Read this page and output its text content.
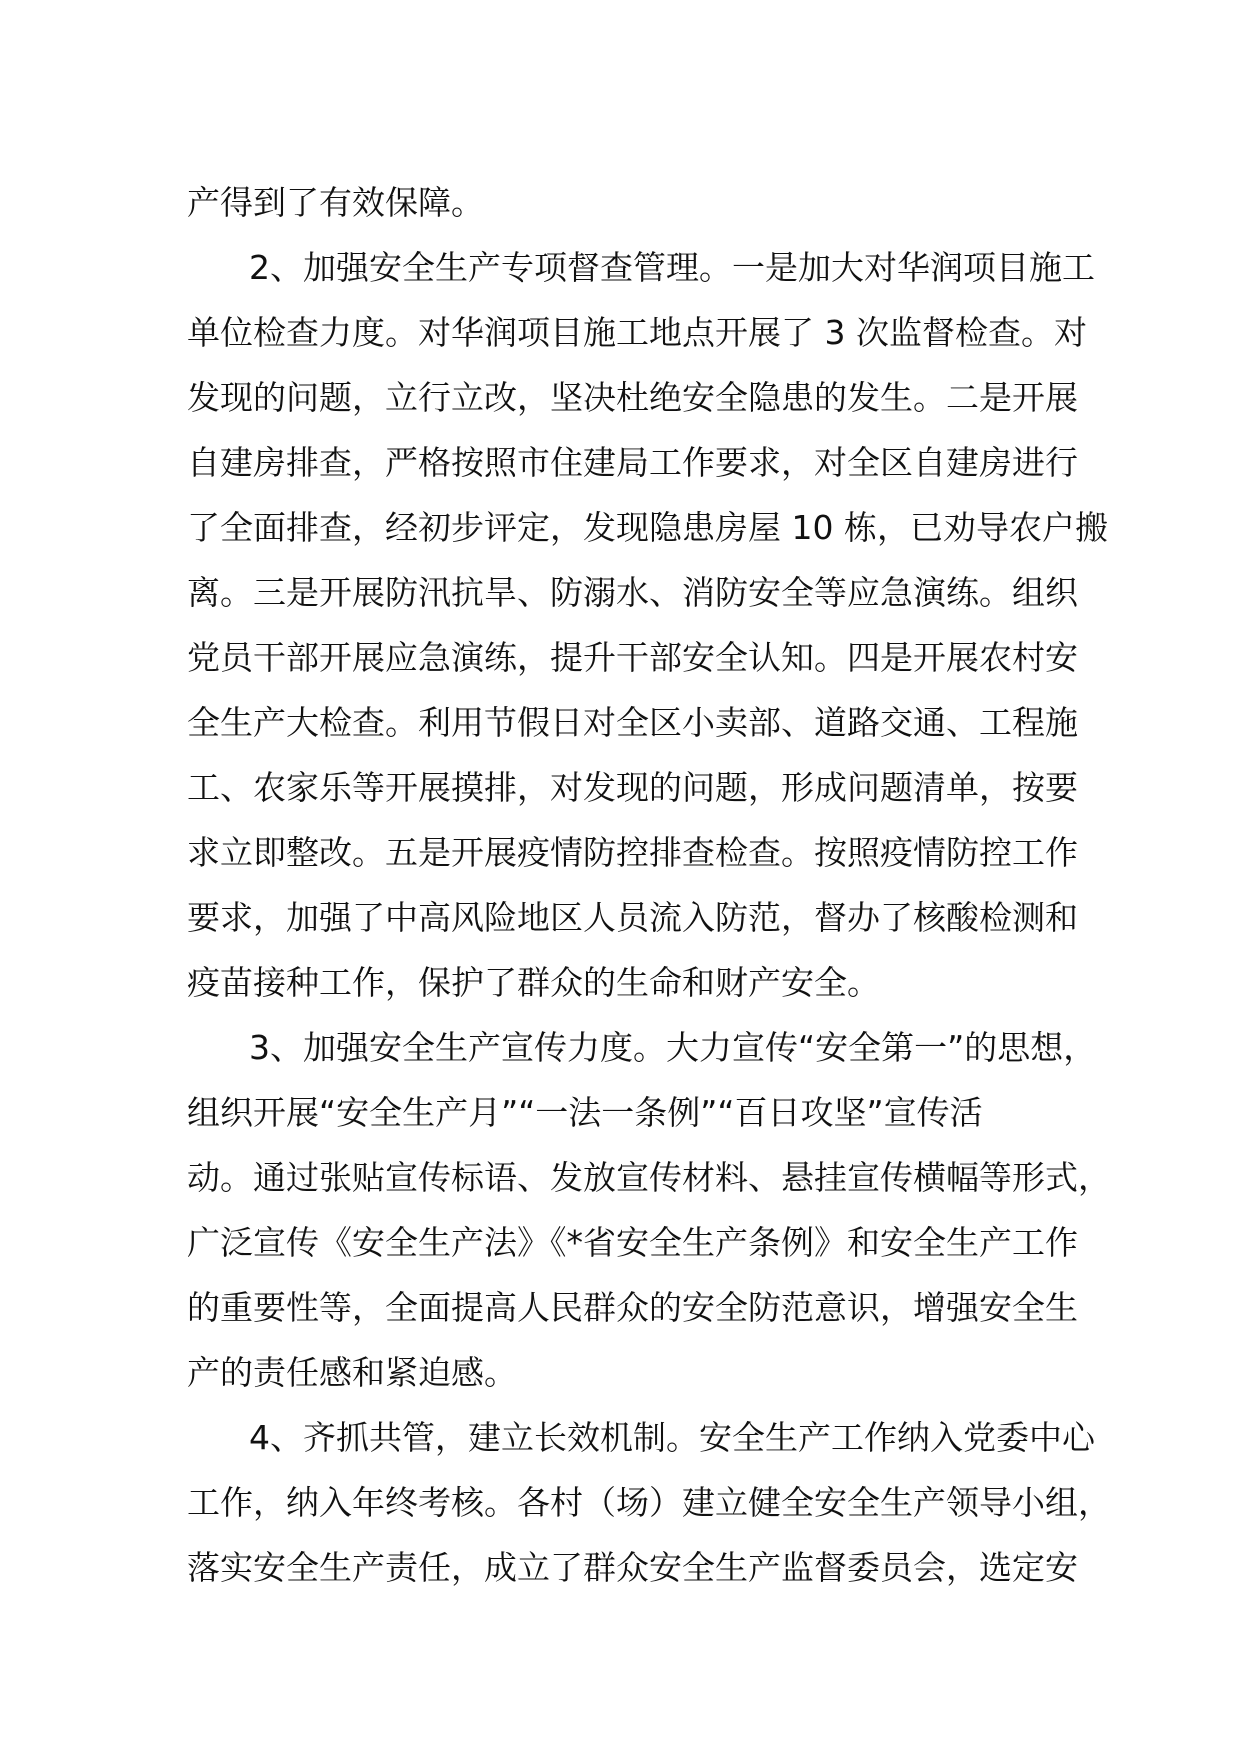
产得到了有效保障。
2、加强安全生产专项督查管理。一是加大对华润项目施工
单位检查力度。对华润项目施工地点开展了 3 次监督检查。对
发现的问题，立行立改，坚决杜绝安全隐患的发生。二是开展
自建房排查，严格按照市住建局工作要求，对全区自建房进行
了全面排查，经初步评定，发现隐患房屋 10 栋，已劝导农户搬
离。三是开展防汛抗旱、防溺水、消防安全等应急演练。组织
党员干部开展应急演练，提升干部安全认知。四是开展农村安
全生产大检查。利用节假日对全区小卖部、道路交通、工程施
工、农家乐等开展摸排，对发现的问题，形成问题清单，按要
求立即整改。五是开展疫情防控排查检查。按照疫情防控工作
要求，加强了中高风险地区人员流入防范，督办了核酸检测和
疫苗接种工作，保护了群众的生命和财产安全。
3、加强安全生产宣传力度。大力宣传“安全第一”的思想，
组织开展“安全生产月”“一法一条例”“百日攻坚”宣传活
动。通过张贴宣传标语、发放宣传材料、悬挂宣传横幅等形式，
广泛宣传《安全生产法》《*省安全生产条例》和安全生产工作
的重要性等，全面提高人民群众的安全防范意识，增强安全生
产的责任感和紧迫感。
4、齐抓共管，建立长效机制。安全生产工作纳入党委中心
工作，纳入年终考核。各村（场）建立健全安全生产领导小组，
落实安全生产责任，成立了群众安全生产监督委员会，选定安
